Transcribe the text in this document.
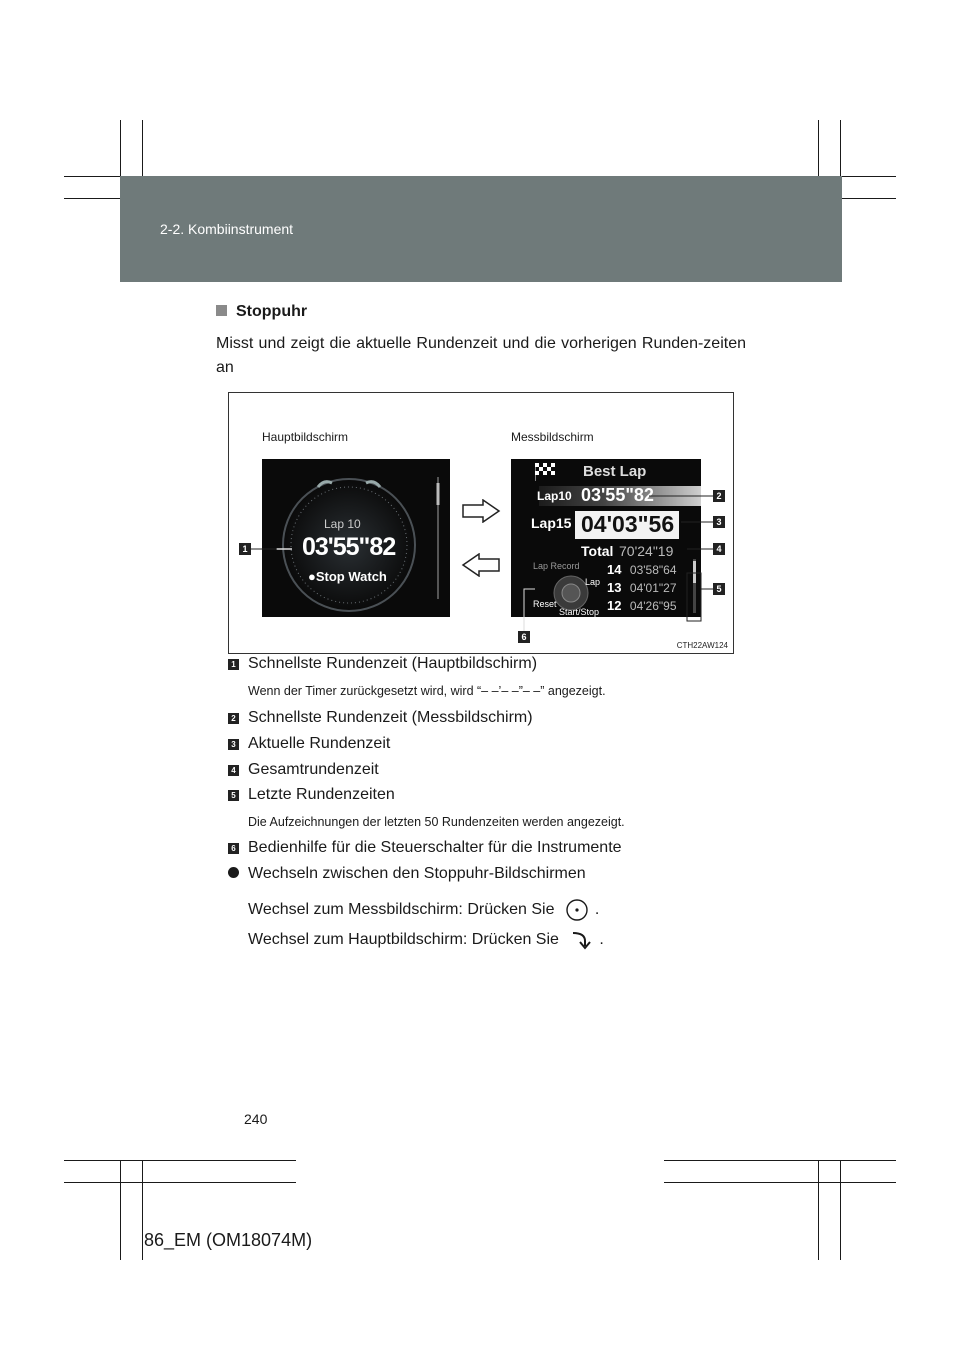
2-2. Kombiinstrument
Stoppuhr
Misst und zeigt die aktuelle Rundenzeit und die vorherigen Runden-zeiten an
Hauptbildschirm	Messbildschirm
Lap 10
03'55"82
●Stop Watch
Best Lap
Lap10 03'55"82
Lap15 04'03"56
Total 70'24"19
Lap Record
Lap
Reset
Start/Stop
14 03'58"64
13 04'01"27
12 04'26"95
1
2
3
4
5
6
CTH22AW124
1 Schnellste Rundenzeit (Hauptbildschirm)
Wenn der Timer zurückgesetzt wird, wird “– –’– –”– –” angezeigt.
2 Schnellste Rundenzeit (Messbildschirm)
3 Aktuelle Rundenzeit
4 Gesamtrundenzeit
5 Letzte Rundenzeiten
Die Aufzeichnungen der letzten 50 Rundenzeiten werden angezeigt.
6 Bedienhilfe für die Steuerschalter für die Instrumente
Wechseln zwischen den Stoppuhr-Bildschirmen
Wechsel zum Messbildschirm: Drücken Sie	.
Wechsel zum Hauptbildschirm: Drücken Sie	.
240
86_EM (OM18074M)
